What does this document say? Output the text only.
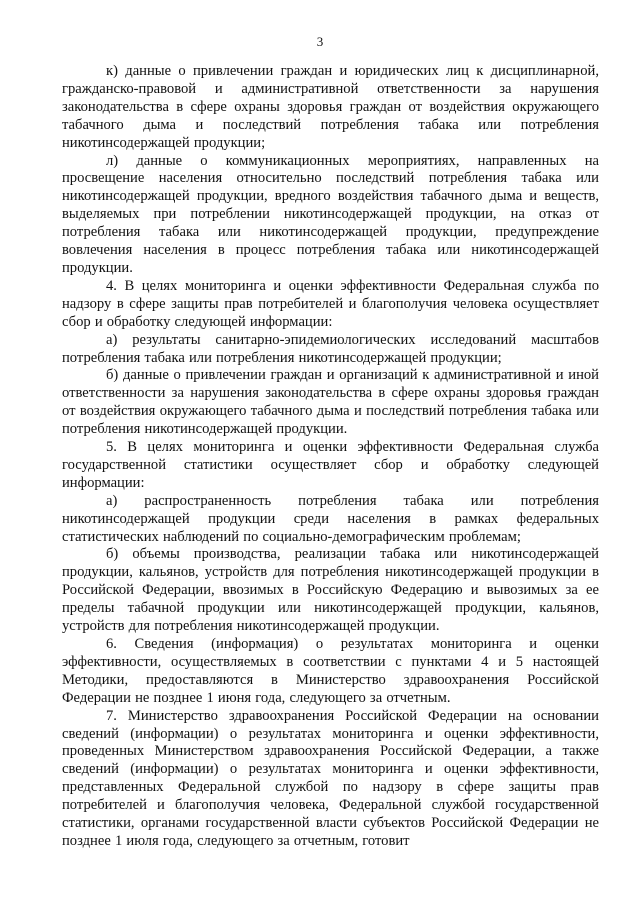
3

к) данные о привлечении граждан и юридических лиц к дисциплинарной, гражданско-правовой и административной ответственности за нарушения законодательства в сфере охраны здоровья граждан от воздействия окружающего табачного дыма и последствий потребления табака или потребления никотинсодержащей продукции;

л) данные о коммуникационных мероприятиях, направленных на просвещение населения относительно последствий потребления табака или никотинсодержащей продукции, вредного воздействия табачного дыма и веществ, выделяемых при потреблении никотинсодержащей продукции, на отказ от потребления табака или никотинсодержащей продукции, предупреждение вовлечения населения в процесс потребления табака или никотинсодержащей продукции.

4. В целях мониторинга и оценки эффективности Федеральная служба по надзору в сфере защиты прав потребителей и благополучия человека осуществляет сбор и обработку следующей информации:

а) результаты санитарно-эпидемиологических исследований масштабов потребления табака или потребления никотинсодержащей продукции;

б) данные о привлечении граждан и организаций к административной и иной ответственности за нарушения законодательства в сфере охраны здоровья граждан от воздействия окружающего табачного дыма и последствий потребления табака или потребления никотинсодержащей продукции.

5. В целях мониторинга и оценки эффективности Федеральная служба государственной статистики осуществляет сбор и обработку следующей информации:

а) распространенность потребления табака или потребления никотинсодержащей продукции среди населения в рамках федеральных статистических наблюдений по социально-демографическим проблемам;

б) объемы производства, реализации табака или никотинсодержащей продукции, кальянов, устройств для потребления никотинсодержащей продукции в Российской Федерации, ввозимых в Российскую Федерацию и вывозимых за ее пределы табачной продукции или никотинсодержащей продукции, кальянов, устройств для потребления никотинсодержащей продукции.

6. Сведения (информация) о результатах мониторинга и оценки эффективности, осуществляемых в соответствии с пунктами 4 и 5 настоящей Методики, предоставляются в Министерство здравоохранения Российской Федерации не позднее 1 июня года, следующего за отчетным.

7. Министерство здравоохранения Российской Федерации на основании сведений (информации) о результатах мониторинга и оценки эффективности, проведенных Министерством здравоохранения Российской Федерации, а также сведений (информации) о результатах мониторинга и оценки эффективности, представленных Федеральной службой по надзору в сфере защиты прав потребителей и благополучия человека, Федеральной службой государственной статистики, органами государственной власти субъектов Российской Федерации не позднее 1 июля года, следующего за отчетным, готовит
